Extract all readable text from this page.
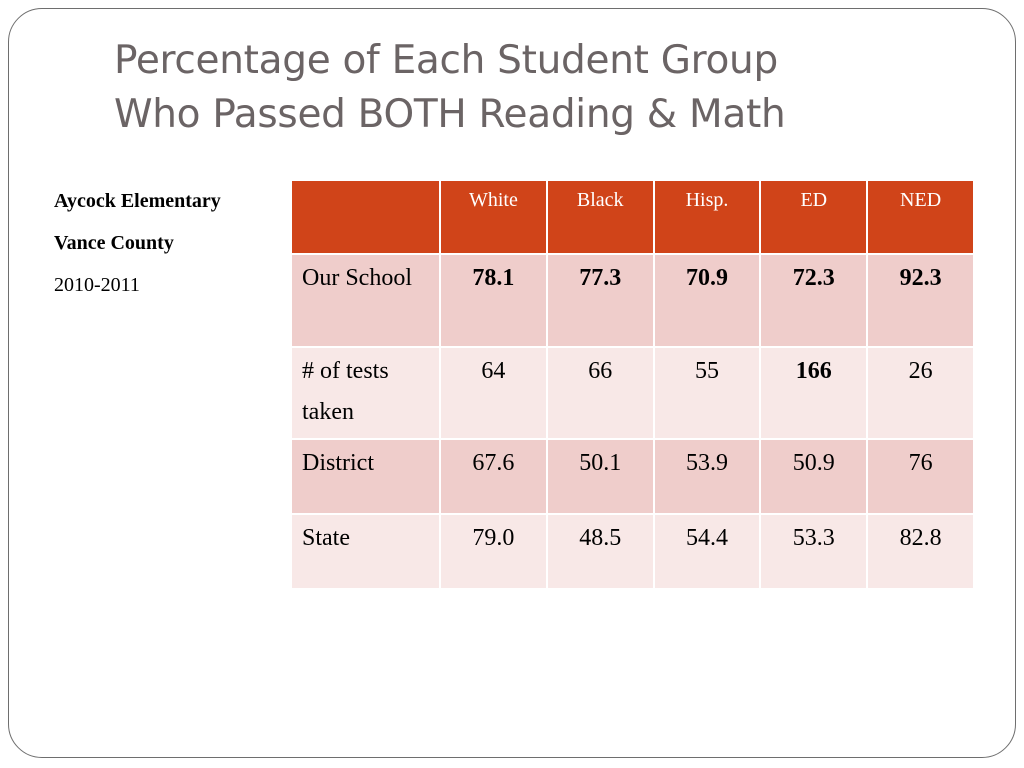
Percentage of Each Student Group
Who Passed BOTH Reading & Math
Aycock Elementary
Vance County
2010-2011
	White	Black	Hisp.	ED	NED
Our School	78.1	77.3	70.9	72.3	92.3
# of tests taken	64	66	55	166	26
District	67.6	50.1	53.9	50.9	76
State	79.0	48.5	54.4	53.3	82.8
